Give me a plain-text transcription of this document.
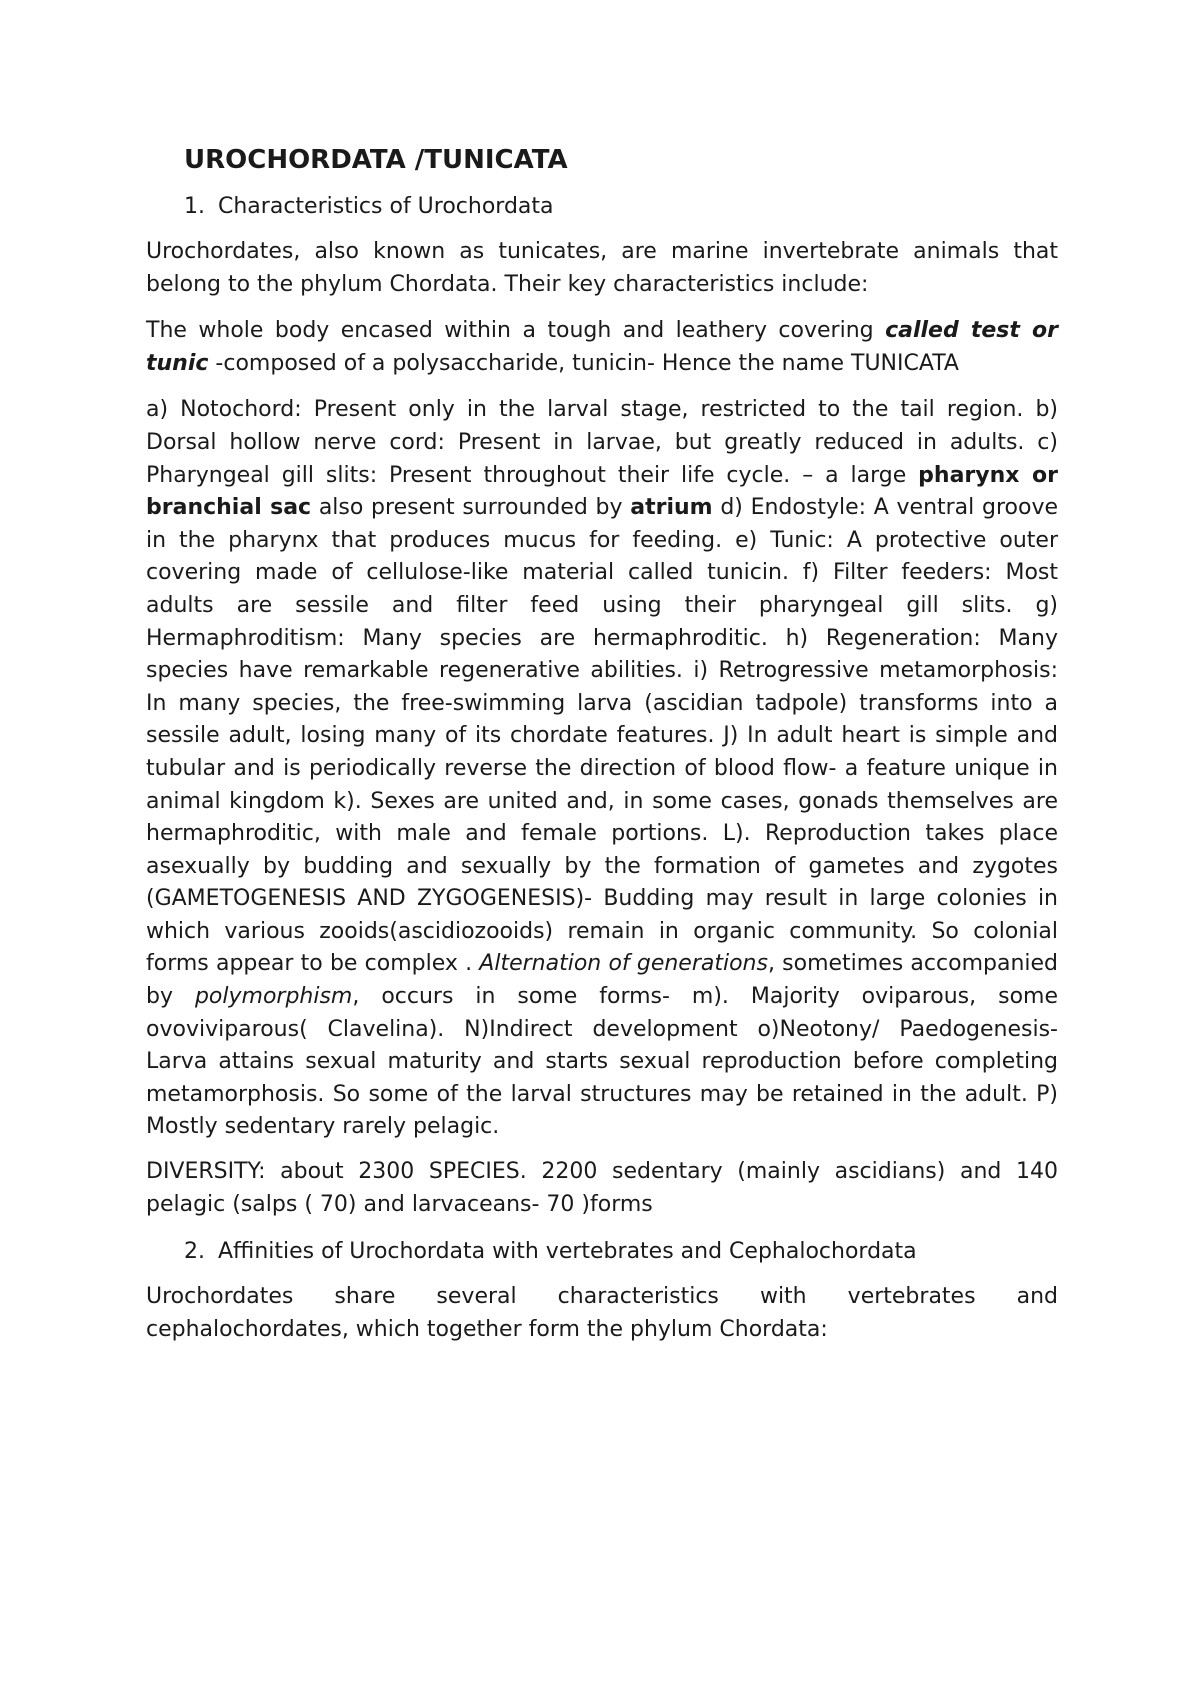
UROCHORDATA /TUNICATA
1. Characteristics of Urochordata

Urochordates, also known as tunicates, are marine invertebrate animals that belong to the phylum Chordata. Their key characteristics include:

The whole body encased within a tough and leathery covering called test or tunic -composed of a polysaccharide, tunicin- Hence the name TUNICATA

a) Notochord: Present only in the larval stage, restricted to the tail region. b) Dorsal hollow nerve cord: Present in larvae, but greatly reduced in adults. c) Pharyngeal gill slits: Present throughout their life cycle. – a large pharynx or branchial sac also present surrounded by atrium d) Endostyle: A ventral groove in the pharynx that produces mucus for feeding. e) Tunic: A protective outer covering made of cellulose-like material called tunicin. f) Filter feeders: Most adults are sessile and filter feed using their pharyngeal gill slits. g) Hermaphroditism: Many species are hermaphroditic. h) Regeneration: Many species have remarkable regenerative abilities. i) Retrogressive metamorphosis: In many species, the free-swimming larva (ascidian tadpole) transforms into a sessile adult, losing many of its chordate features. J) In adult heart is simple and tubular and is periodically reverse the direction of blood flow- a feature unique in animal kingdom k). Sexes are united and, in some cases, gonads themselves are hermaphroditic, with male and female portions. L). Reproduction takes place asexually by budding and sexually by the formation of gametes and zygotes (GAMETOGENESIS AND ZYGOGENESIS)- Budding may result in large colonies in which various zooids(ascidiozooids) remain in organic community. So colonial forms appear to be complex . Alternation of generations, sometimes accompanied by polymorphism, occurs in some forms- m). Majority oviparous, some ovoviviparous( Clavelina). N)Indirect development o)Neotony/ Paedogenesis- Larva attains sexual maturity and starts sexual reproduction before completing metamorphosis. So some of the larval structures may be retained in the adult. P) Mostly sedentary rarely pelagic.

DIVERSITY: about 2300 SPECIES. 2200 sedentary (mainly ascidians) and 140 pelagic (salps ( 70) and larvaceans- 70 )forms

2. Affinities of Urochordata with vertebrates and Cephalochordata

Urochordates share several characteristics with vertebrates and cephalochordates, which together form the phylum Chordata:
